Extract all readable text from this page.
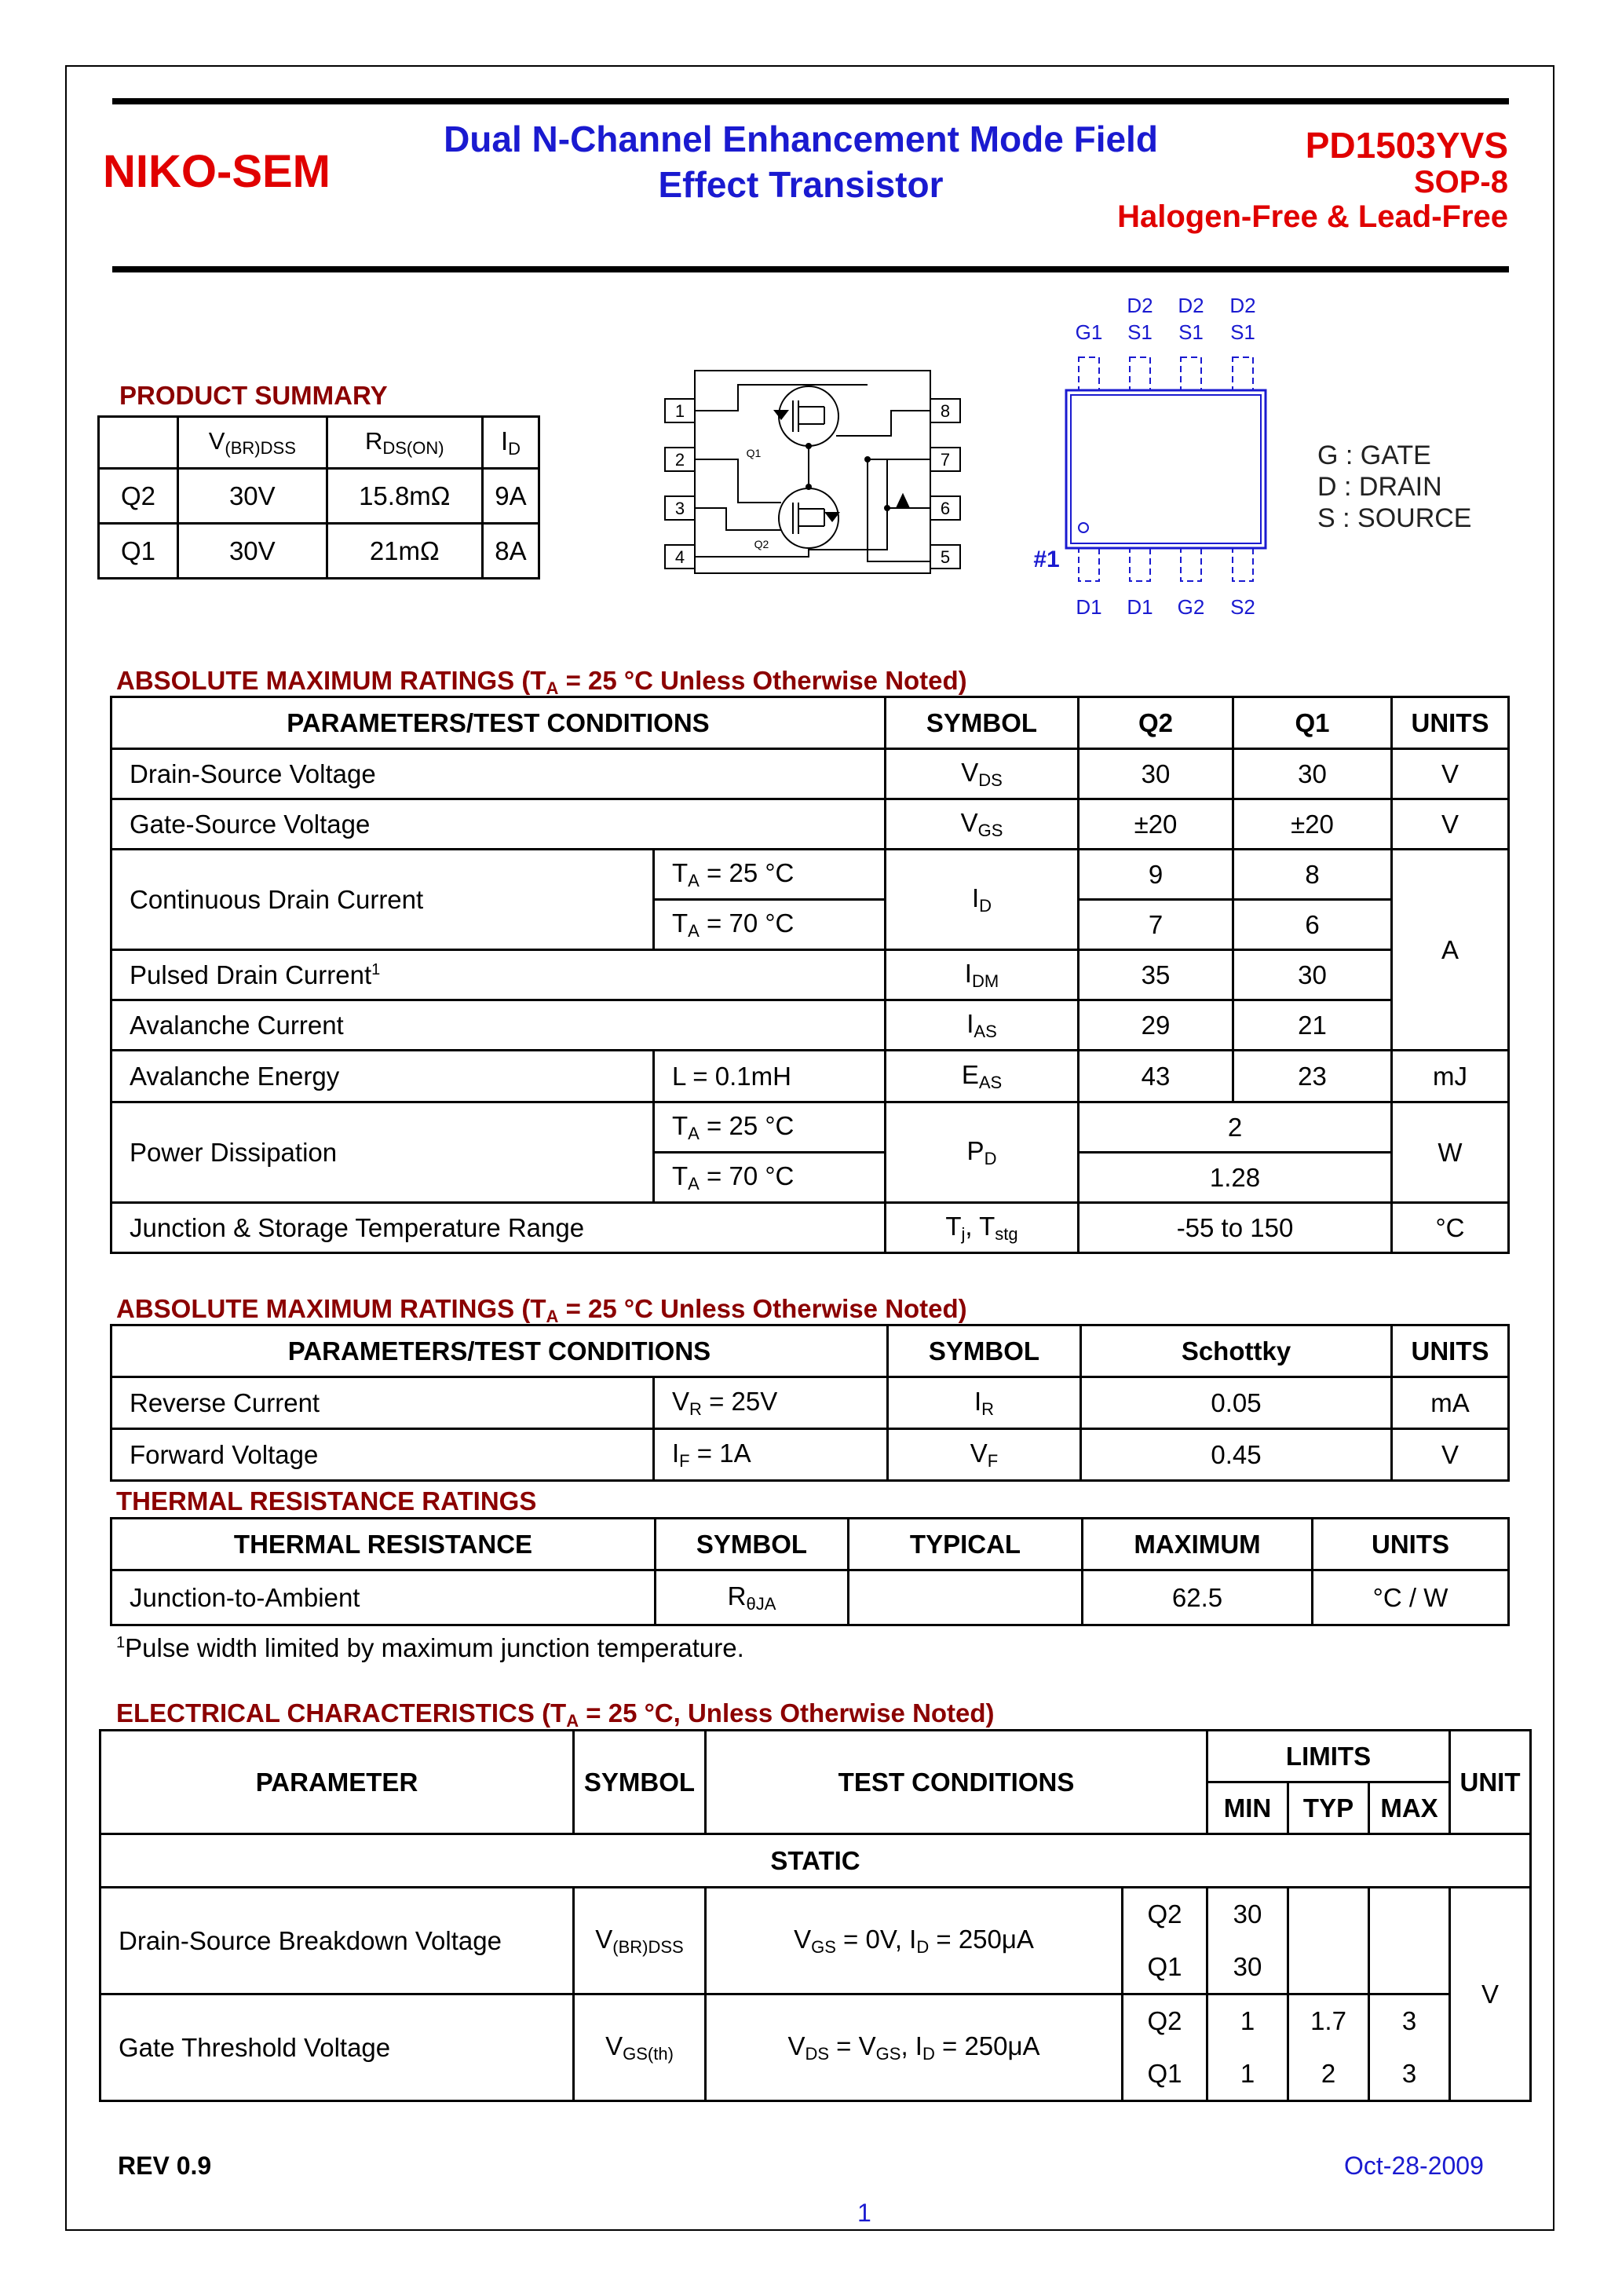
NIKO-SEM
Dual N-Channel Enhancement Mode Field
Effect Transistor
PD1503YVS
SOP-8
Halogen-Free & Lead-Free
PRODUCT SUMMARY
	$V_{(BR)DSS}$	$R_{DS(ON)}$	$I_D$
Q2	30V	15.8mΩ	9A
Q1	30V	21mΩ	8A
1
2
3
4
8
7
6
5
Q1
Q2
D2 D2 D2
G1 S1 S1 S1
D1 D1 G2 S2
#1
G : GATE
D : DRAIN
S : SOURCE
ABSOLUTE MAXIMUM RATINGS ($T_A = 25$ °C Unless Otherwise Noted)
PARAMETERS/TEST CONDITIONS		SYMBOL	Q2	Q1	UNITS
Drain-Source Voltage		$V_{DS}$	30	30	V
Gate-Source Voltage		$V_{GS}$	±20	±20	V
Continuous Drain Current	$T_A = 25$ °C	$I_D$	9	8	A
	$T_A = 70$ °C		7	6	
Pulsed Drain Current$^1$		$I_{DM}$	35	30	
Avalanche Current		$I_{AS}$	29	21	
Avalanche Energy	L = 0.1mH	$E_{AS}$	43	23	mJ
Power Dissipation	$T_A = 25$ °C	$P_D$	2		W
	$T_A = 70$ °C		1.28		
Junction & Storage Temperature Range		$T_j$, $T_{stg}$	-55 to 150		°C
ABSOLUTE MAXIMUM RATINGS ($T_A = 25$ °C Unless Otherwise Noted)
PARAMETERS/TEST CONDITIONS		SYMBOL	Schottky	UNITS
Reverse Current	$V_R = 25V$	$I_R$	0.05	mA
Forward Voltage	$I_F = 1A$	$V_F$	0.45	V
THERMAL RESISTANCE RATINGS
THERMAL RESISTANCE	SYMBOL	TYPICAL	MAXIMUM	UNITS
Junction-to-Ambient	$R_{\theta JA}$		62.5	°C / W
$^1$Pulse width limited by maximum junction temperature.
ELECTRICAL CHARACTERISTICS ($T_A = 25$ °C, Unless Otherwise Noted)
PARAMETER	SYMBOL	TEST CONDITIONS		LIMITS			UNIT
				MIN	TYP	MAX	
STATIC							
Drain-Source Breakdown Voltage	$V_{(BR)DSS}$	$V_{GS} = 0V$, $I_D = 250\mu A$	Q2	30			V
			Q1	30			
Gate Threshold Voltage	$V_{GS(th)}$	$V_{DS} = V_{GS}$, $I_D = 250\mu A$	Q2	1	1.7	3	
			Q1	1	2	3	
REV 0.9	Oct-28-2009
1
